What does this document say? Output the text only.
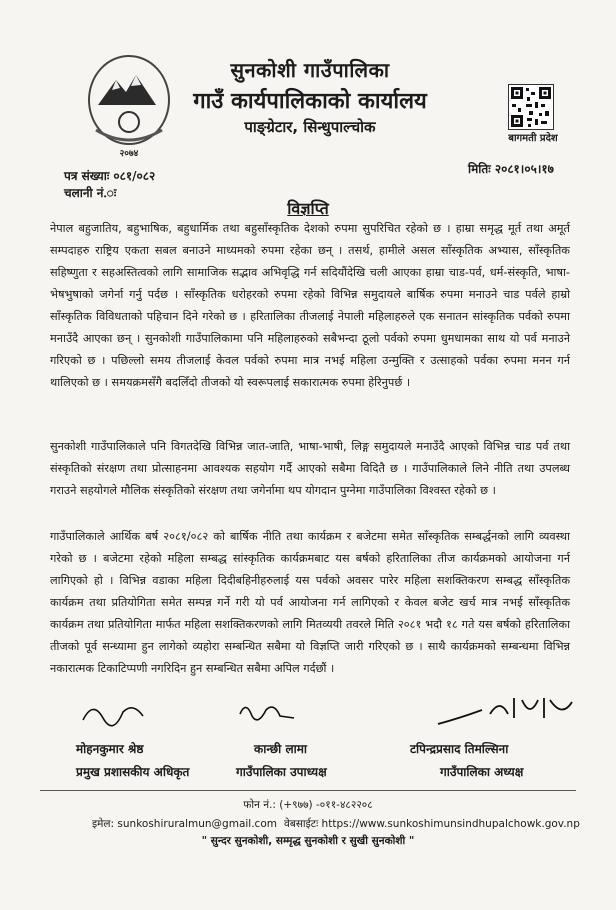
२०७४
सुनकोशी गाउँपालिका
गाउँ कार्यपालिकाको कार्यालय
पाङ्ग्रेटार, सिन्धुपाल्चोक
बागमती प्रदेश
पत्र संख्याः ०८१/०८२
चलानी नं.ः
मितिः २०८१।०५।१७
विज्ञप्ति
नेपाल बहुजातिय, बहुभाषिक, बहुधार्मिक तथा बहुसाँस्कृतिक देशको रुपमा सुपरिचित रहेको छ । हाम्रा समृद्ध मूर्त तथा अमूर्त सम्पदाहरु राष्ट्रिय एकता सबल बनाउने माध्यमको रुपमा रहेका छन् । तसर्थ, हामीले असल साँस्कृतिक अभ्यास, साँस्कृतिक सहिष्णुता र सहअस्तित्वको लागि सामाजिक सद्भाव अभिवृद्धि गर्न सदियौंदेखि चली आएका हाम्रा चाड-पर्व, धर्म-संस्कृति, भाषा-भेषभुषाको जगेर्ना गर्नु पर्दछ । साँस्कृतिक धरोहरको रुपमा रहेको विभिन्न समुदायले बार्षिक रुपमा मनाउने चाड पर्वले हाम्रो साँस्कृतिक विविधताको पहिचान दिने गरेको छ । हरितालिका तीजलाई नेपाली महिलाहरुले एक सनातन सांस्कृतिक पर्वको रुपमा मनाउँदै आएका छन् । सुनकोशी गाउँपालिकामा पनि महिलाहरुको सबैभन्दा ठूलो पर्वको रुपमा धुमधामका साथ यो पर्व मनाउने गरिएको छ । पछिल्लो समय तीजलाई केवल पर्वको रुपमा मात्र नभई महिला उन्मुक्ति र उत्साहको पर्वका रुपमा मनन गर्न थालिएको छ । समयक्रमसँगै बदलिँदो तीजको यो स्वरूपलाई सकारात्मक रुपमा हेरिनुपर्छ ।
सुनकोशी गाउँपालिकाले पनि विगतदेखि विभिन्न जात-जाति, भाषा-भाषी, लिङ्ग समुदायले मनाउँदै आएको विभिन्न चाड पर्व तथा संस्कृतिको संरक्षण तथा प्रोत्साहनमा आवश्यक सहयोग गर्दै आएको सबैमा विदितै छ । गाउँपालिकाले लिने नीति तथा उपलब्ध गराउने सहयोगले मौलिक संस्कृतिको संरक्षण तथा जगेर्नामा थप योगदान पुग्नेमा गाउँपालिका विश्वस्त रहेको छ ।
गाउँपालिकाले आर्थिक बर्ष २०८१/०८२ को बार्षिक नीति तथा कार्यक्रम र बजेटमा समेत साँस्कृतिक सम्बर्द्धनको लागि व्यवस्था गरेको छ । बजेटमा रहेको महिला सम्बद्ध सांस्कृतिक कार्यक्रमबाट यस बर्षको हरितालिका तीज कार्यक्रमको आयोजना गर्न लागिएको हो । विभिन्न वडाका महिला दिदीबहिनीहरुलाई यस पर्वको अवसर पारेर महिला सशक्तिकरण सम्बद्ध साँस्कृतिक कार्यक्रम तथा प्रतियोगिता समेत सम्पन्न गर्ने गरी यो पर्व आयोजना गर्न लागिएको र केवल बजेट खर्च मात्र नभई साँस्कृतिक कार्यक्रम तथा प्रतियोगिता मार्फत महिला सशक्तिकरणको लागि मितव्ययी तवरले मिति २०८१ भदौ १८ गते यस बर्षको हरितालिका तीजको पूर्व सन्ध्यामा हुन लागेको व्यहोरा सम्बन्धित सबैमा यो विज्ञप्ति जारी गरिएको छ । साथै कार्यक्रमको सम्बन्धमा विभिन्न नकारात्मक टिकाटिप्पणी नगरिदिन हुन सम्बन्धित सबैमा अपिल गर्दछौं ।
मोहनकुमार श्रेष्ठ
प्रमुख प्रशासकीय अधिकृत
कान्छी लामा
गाउँपालिका उपाध्यक्ष
टपिन्द्रप्रसाद तिमल्सिना
गाउँपालिका अध्यक्ष
फोन नं.: (+९७७) -०११-४८२२०८
इमेल: sunkoshiruralmun@gmail.com वेबसाईटः https://www.sunkoshimunsindhupalchowk.gov.np
" सुन्दर सुनकोशी, सम्मृद्ध सुनकोशी र सुखी सुनकोशी "
